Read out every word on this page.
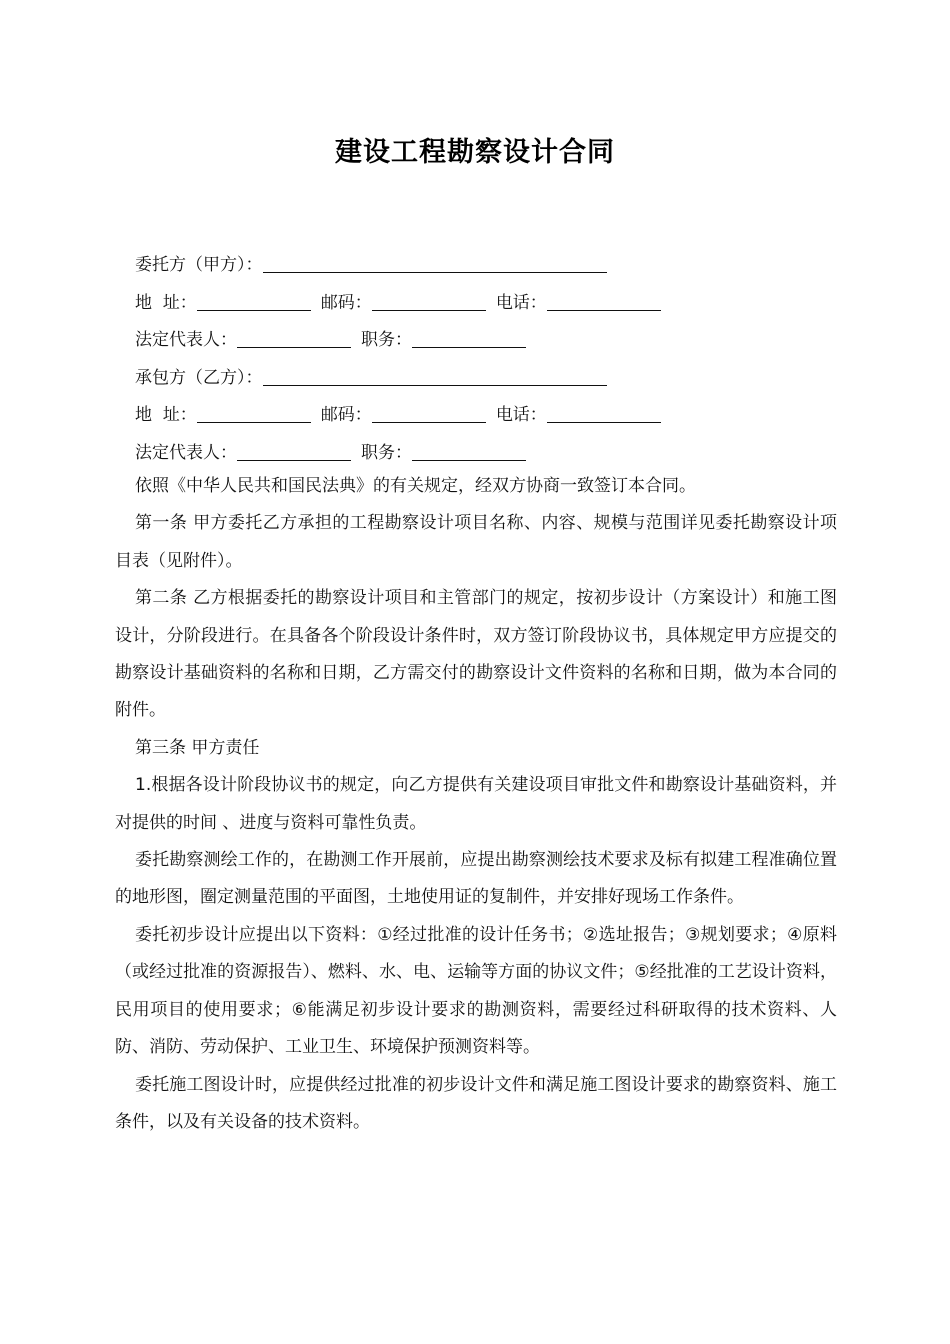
建设工程勘察设计合同
委托方（甲方）：
地  址：	邮码：	电话：
法定代表人：	职务：
承包方（乙方）：
地  址：	邮码：	电话：
法定代表人：	职务：

依照《中华人民共和国民法典》的有关规定，经双方协商一致签订本合同。

第一条 甲方委托乙方承担的工程勘察设计项目名称、内容、规模与范围详见委托勘察设计项目表（见附件）。

第二条 乙方根据委托的勘察设计项目和主管部门的规定，按初步设计（方案设计）和施工图设计，分阶段进行。在具备各个阶段设计条件时，双方签订阶段协议书，具体规定甲方应提交的勘察设计基础资料的名称和日期，乙方需交付的勘察设计文件资料的名称和日期，做为本合同的附件。

第三条 甲方责任

1.根据各设计阶段协议书的规定，向乙方提供有关建设项目审批文件和勘察设计基础资料，并对提供的时间 、进度与资料可靠性负责。

委托勘察测绘工作的，在勘测工作开展前，应提出勘察测绘技术要求及标有拟建工程准确位置的地形图，圈定测量范围的平面图，土地使用证的复制件，并安排好现场工作条件。

委托初步设计应提出以下资料：①经过批准的设计任务书；②选址报告；③规划要求；④原料（或经过批准的资源报告）、燃料、水、电、运输等方面的协议文件；⑤经批准的工艺设计资料，民用项目的使用要求；⑥能满足初步设计要求的勘测资料，需要经过科研取得的技术资料、人防、消防、劳动保护、工业卫生、环境保护预测资料等。

委托施工图设计时，应提供经过批准的初步设计文件和满足施工图设计要求的勘察资料、施工条件，以及有关设备的技术资料。
